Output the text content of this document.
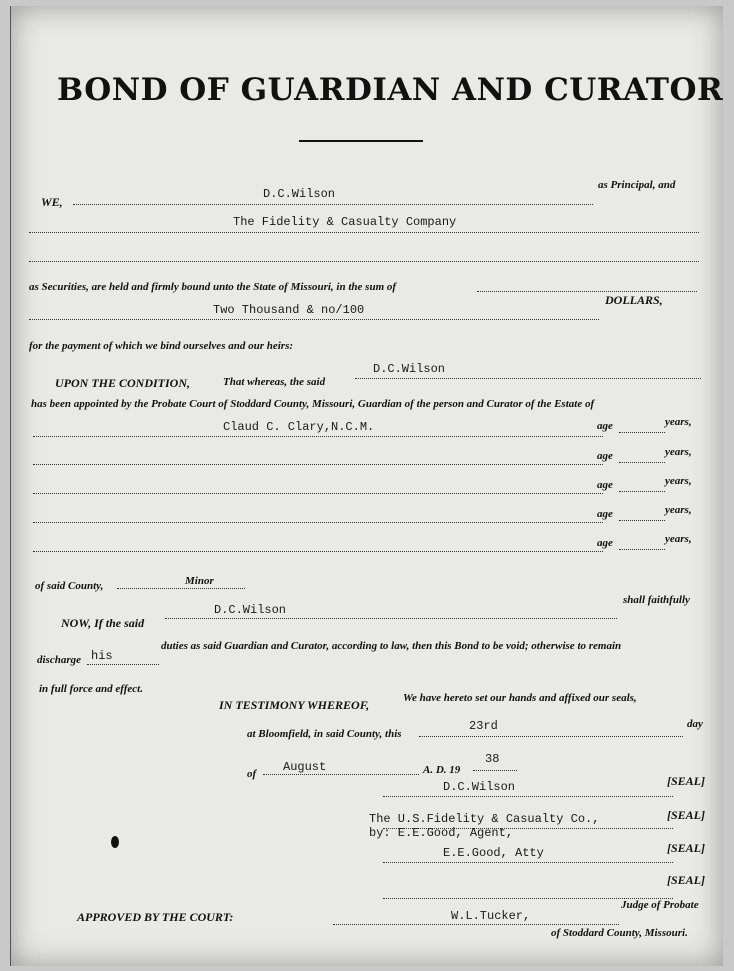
BOND OF GUARDIAN AND CURATOR
WE,
D.C.Wilson
as Principal, and
The Fidelity & Casualty Company
as Securities, are held and firmly bound unto the State of Missouri, in the sum of
Two Thousand & no/100
DOLLARS,
for the payment of which we bind ourselves and our heirs:
UPON THE CONDITION,	That whereas, the said
D.C.Wilson
has been appointed by the Probate Court of Stoddard County, Missouri, Guardian of the person and Curator of the Estate of
Claud C. Clary,N.C.M.	age	years,
age	years,
age	years,
age	years,
age	years,
of said County,	Minor
NOW, If the said
D.C.Wilson
shall faithfully
discharge his
duties as said Guardian and Curator, according to law, then this Bond to be void; otherwise to remain
in full force and effect.
IN TESTIMONY WHEREOF,	We have hereto set our hands and affixed our seals,
at Bloomfield, in said County, this
23rd	day
of August	A. D. 19
38
D.C.Wilson	[SEAL]
The U.S.Fidelity & Casualty Co.,
by: E.E.Good, Agent,
[SEAL]
E.E.Good, Atty	[SEAL]
[SEAL]
APPROVED BY THE COURT:	W.L.Tucker,
Judge of Probate
of Stoddard County, Missouri.
